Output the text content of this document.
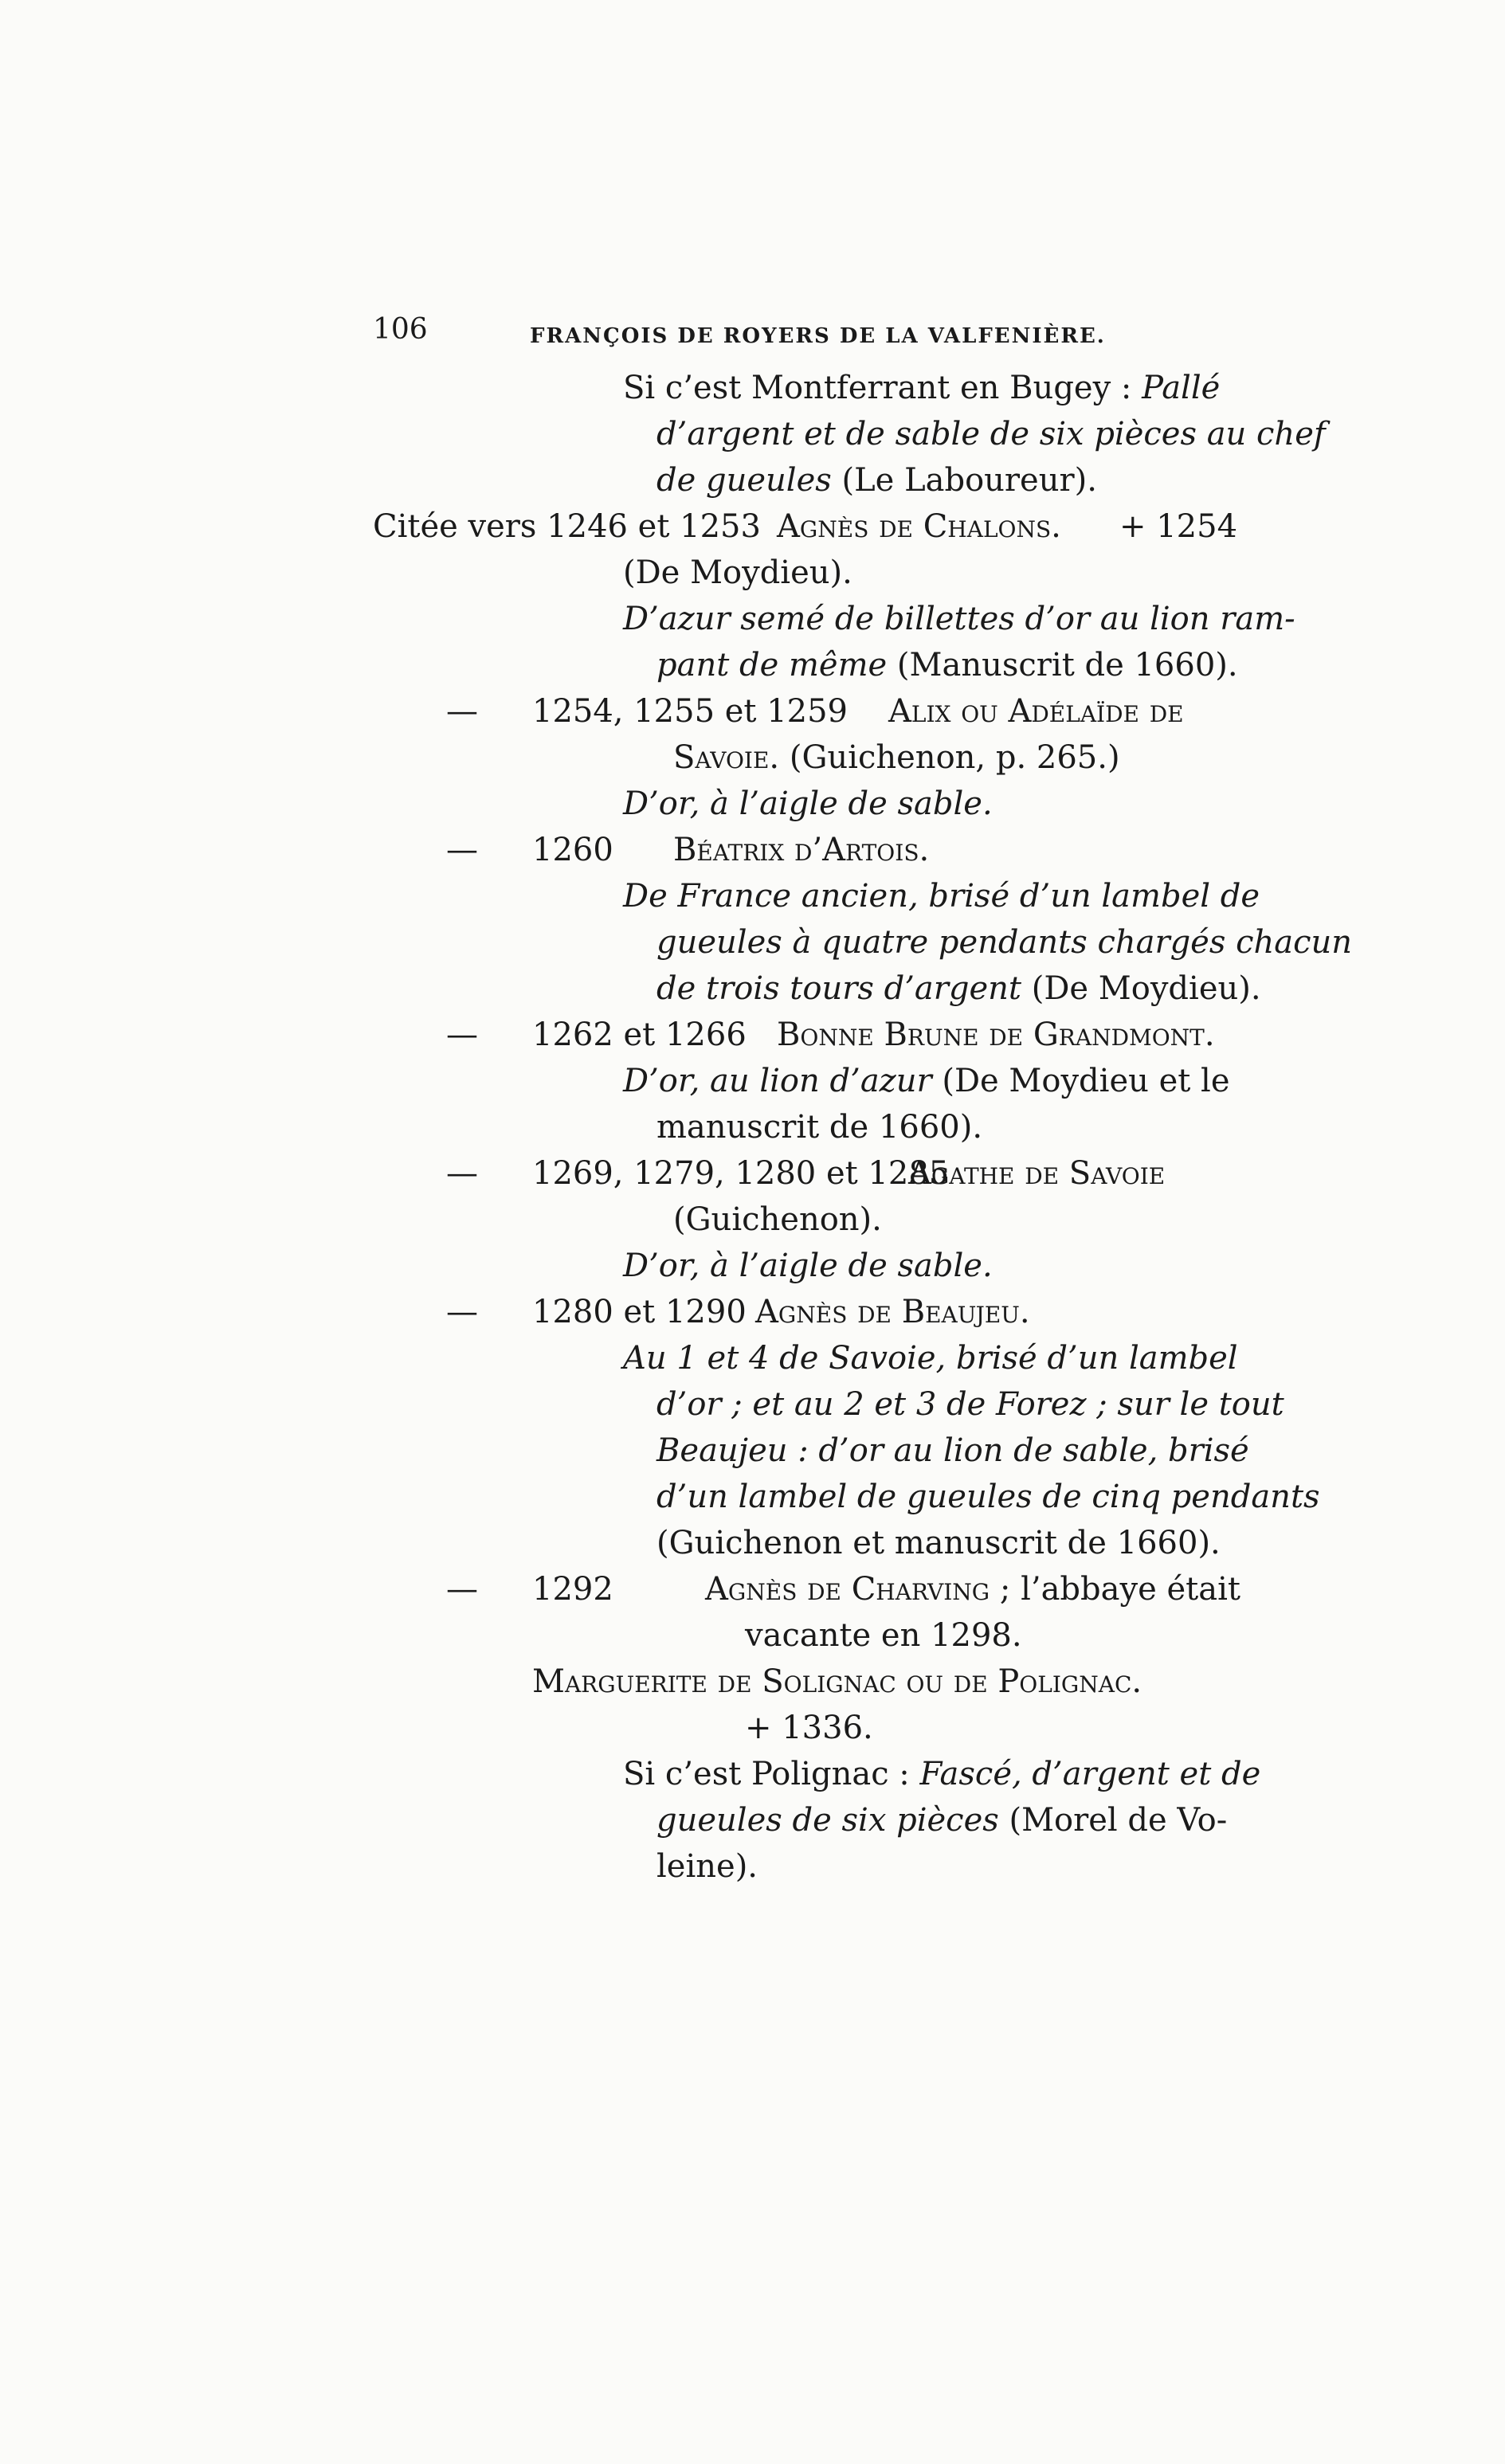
106	FRANÇOIS DE ROYERS DE LA VALFENIÈRE.
Si c’est Montferrant en Bugey : Pallé
d’argent et de sable de six pièces au chef
de gueules (Le Laboureur).
Citée vers 1246 et 1253 Agnès de Chalons. + 1254
(De Moydieu).
D’azur semé de billettes d’or au lion ram-
pant de même (Manuscrit de 1660).
— 1254, 1255 et 1259 Alix ou Adélaïde de
Savoie. (Guichenon, p. 265.)
D’or, à l’aigle de sable.
— 1260 Béatrix d’Artois.
De France ancien, brisé d’un lambel de
gueules à quatre pendants chargés chacun
de trois tours d’argent (De Moydieu).
— 1262 et 1266 Bonne Brune de Grandmont.
D’or, au lion d’azur (De Moydieu et le
manuscrit de 1660).
— 1269, 1279, 1280 et 1285
Agathe de Savoie
(Guichenon).
D’or, à l’aigle de sable.
— 1280 et 1290 Agnès de Beaujeu.
Au 1 et 4 de Savoie, brisé d’un lambel
d’or ; et au 2 et 3 de Forez ; sur le tout
Beaujeu : d’or au lion de sable, brisé
d’un lambel de gueules de cinq pendants
(Guichenon et manuscrit de 1660).
— 1292	Agnès de Charving ; l’abbaye était
vacante en 1298.
Marguerite de Solignac ou de Polignac.
+ 1336.
Si c’est Polignac : Fascé, d’argent et de
gueules de six pièces (Morel de Vo-
leine).
